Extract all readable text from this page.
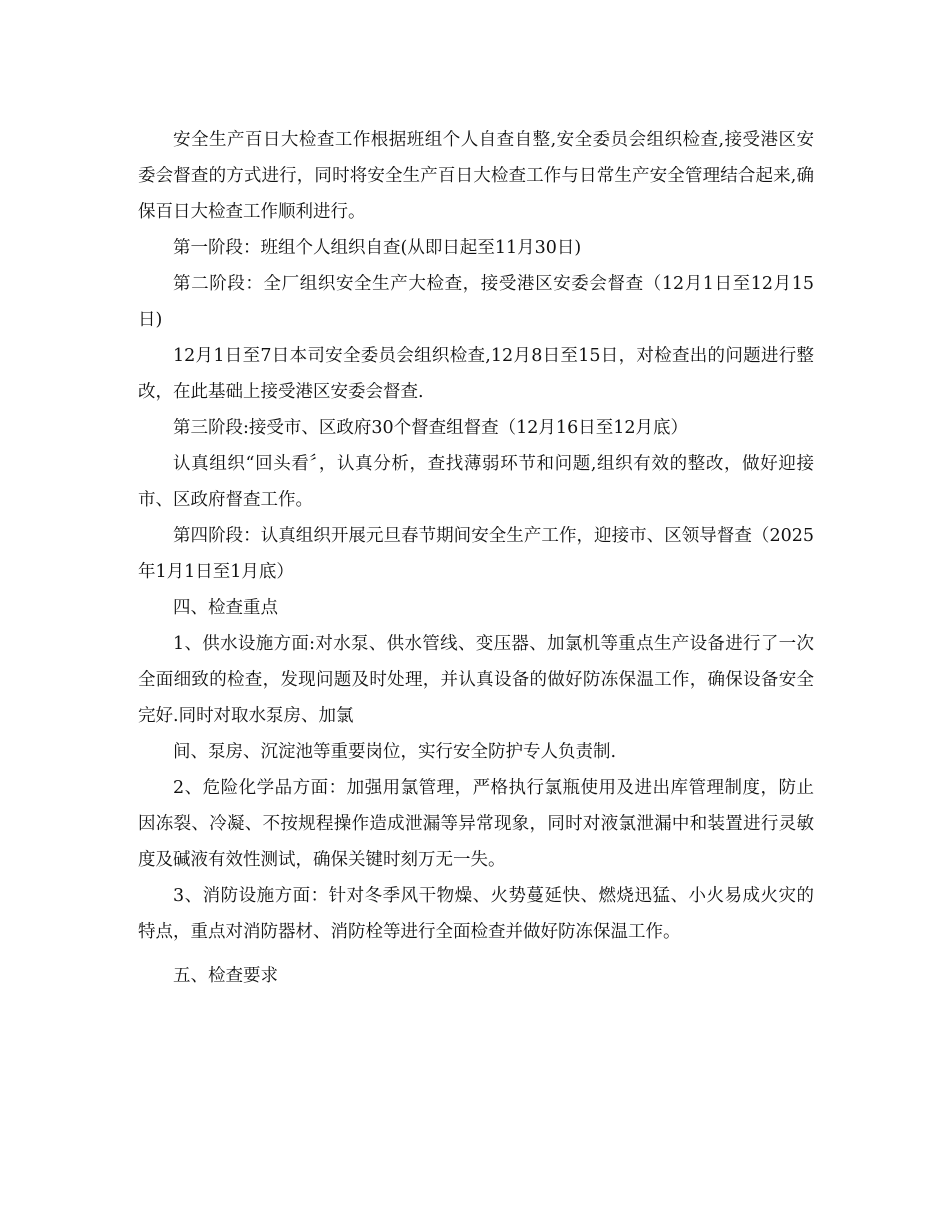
安全生产百日大检查工作根据班组个人自查自整,安全委员会组织检查,接受港区安委会督查的方式进行，同时将安全生产百日大检查工作与日常生产安全管理结合起来,确保百日大检查工作顺利进行。

第一阶段：班组个人组织自查(从即日起至11月30日)

第二阶段：全厂组织安全生产大检查，接受港区安委会督查（12月1日至12月15日)

12月1日至7日本司安全委员会组织检查,12月8日至15日，对检查出的问题进行整改，在此基础上接受港区安委会督查.

第三阶段:接受市、区政府30个督查组督查（12月16日至12月底）

认真组织“回头看〞，认真分析，查找薄弱环节和问题,组织有效的整改，做好迎接市、区政府督查工作。

第四阶段：认真组织开展元旦春节期间安全生产工作，迎接市、区领导督查（2025年1月1日至1月底）

四、检查重点

1、供水设施方面:对水泵、供水管线、变压器、加氯机等重点生产设备进行了一次全面细致的检查，发现问题及时处理，并认真设备的做好防冻保温工作，确保设备安全完好.同时对取水泵房、加氯

间、泵房、沉淀池等重要岗位，实行安全防护专人负责制.

2、危险化学品方面：加强用氯管理，严格执行氯瓶使用及进出库管理制度，防止因冻裂、冷凝、不按规程操作造成泄漏等异常现象，同时对液氯泄漏中和装置进行灵敏度及碱液有效性测试，确保关键时刻万无一失。

3、消防设施方面：针对冬季风干物燥、火势蔓延快、燃烧迅猛、小火易成火灾的特点，重点对消防器材、消防栓等进行全面检查并做好防冻保温工作。

五、检查要求
